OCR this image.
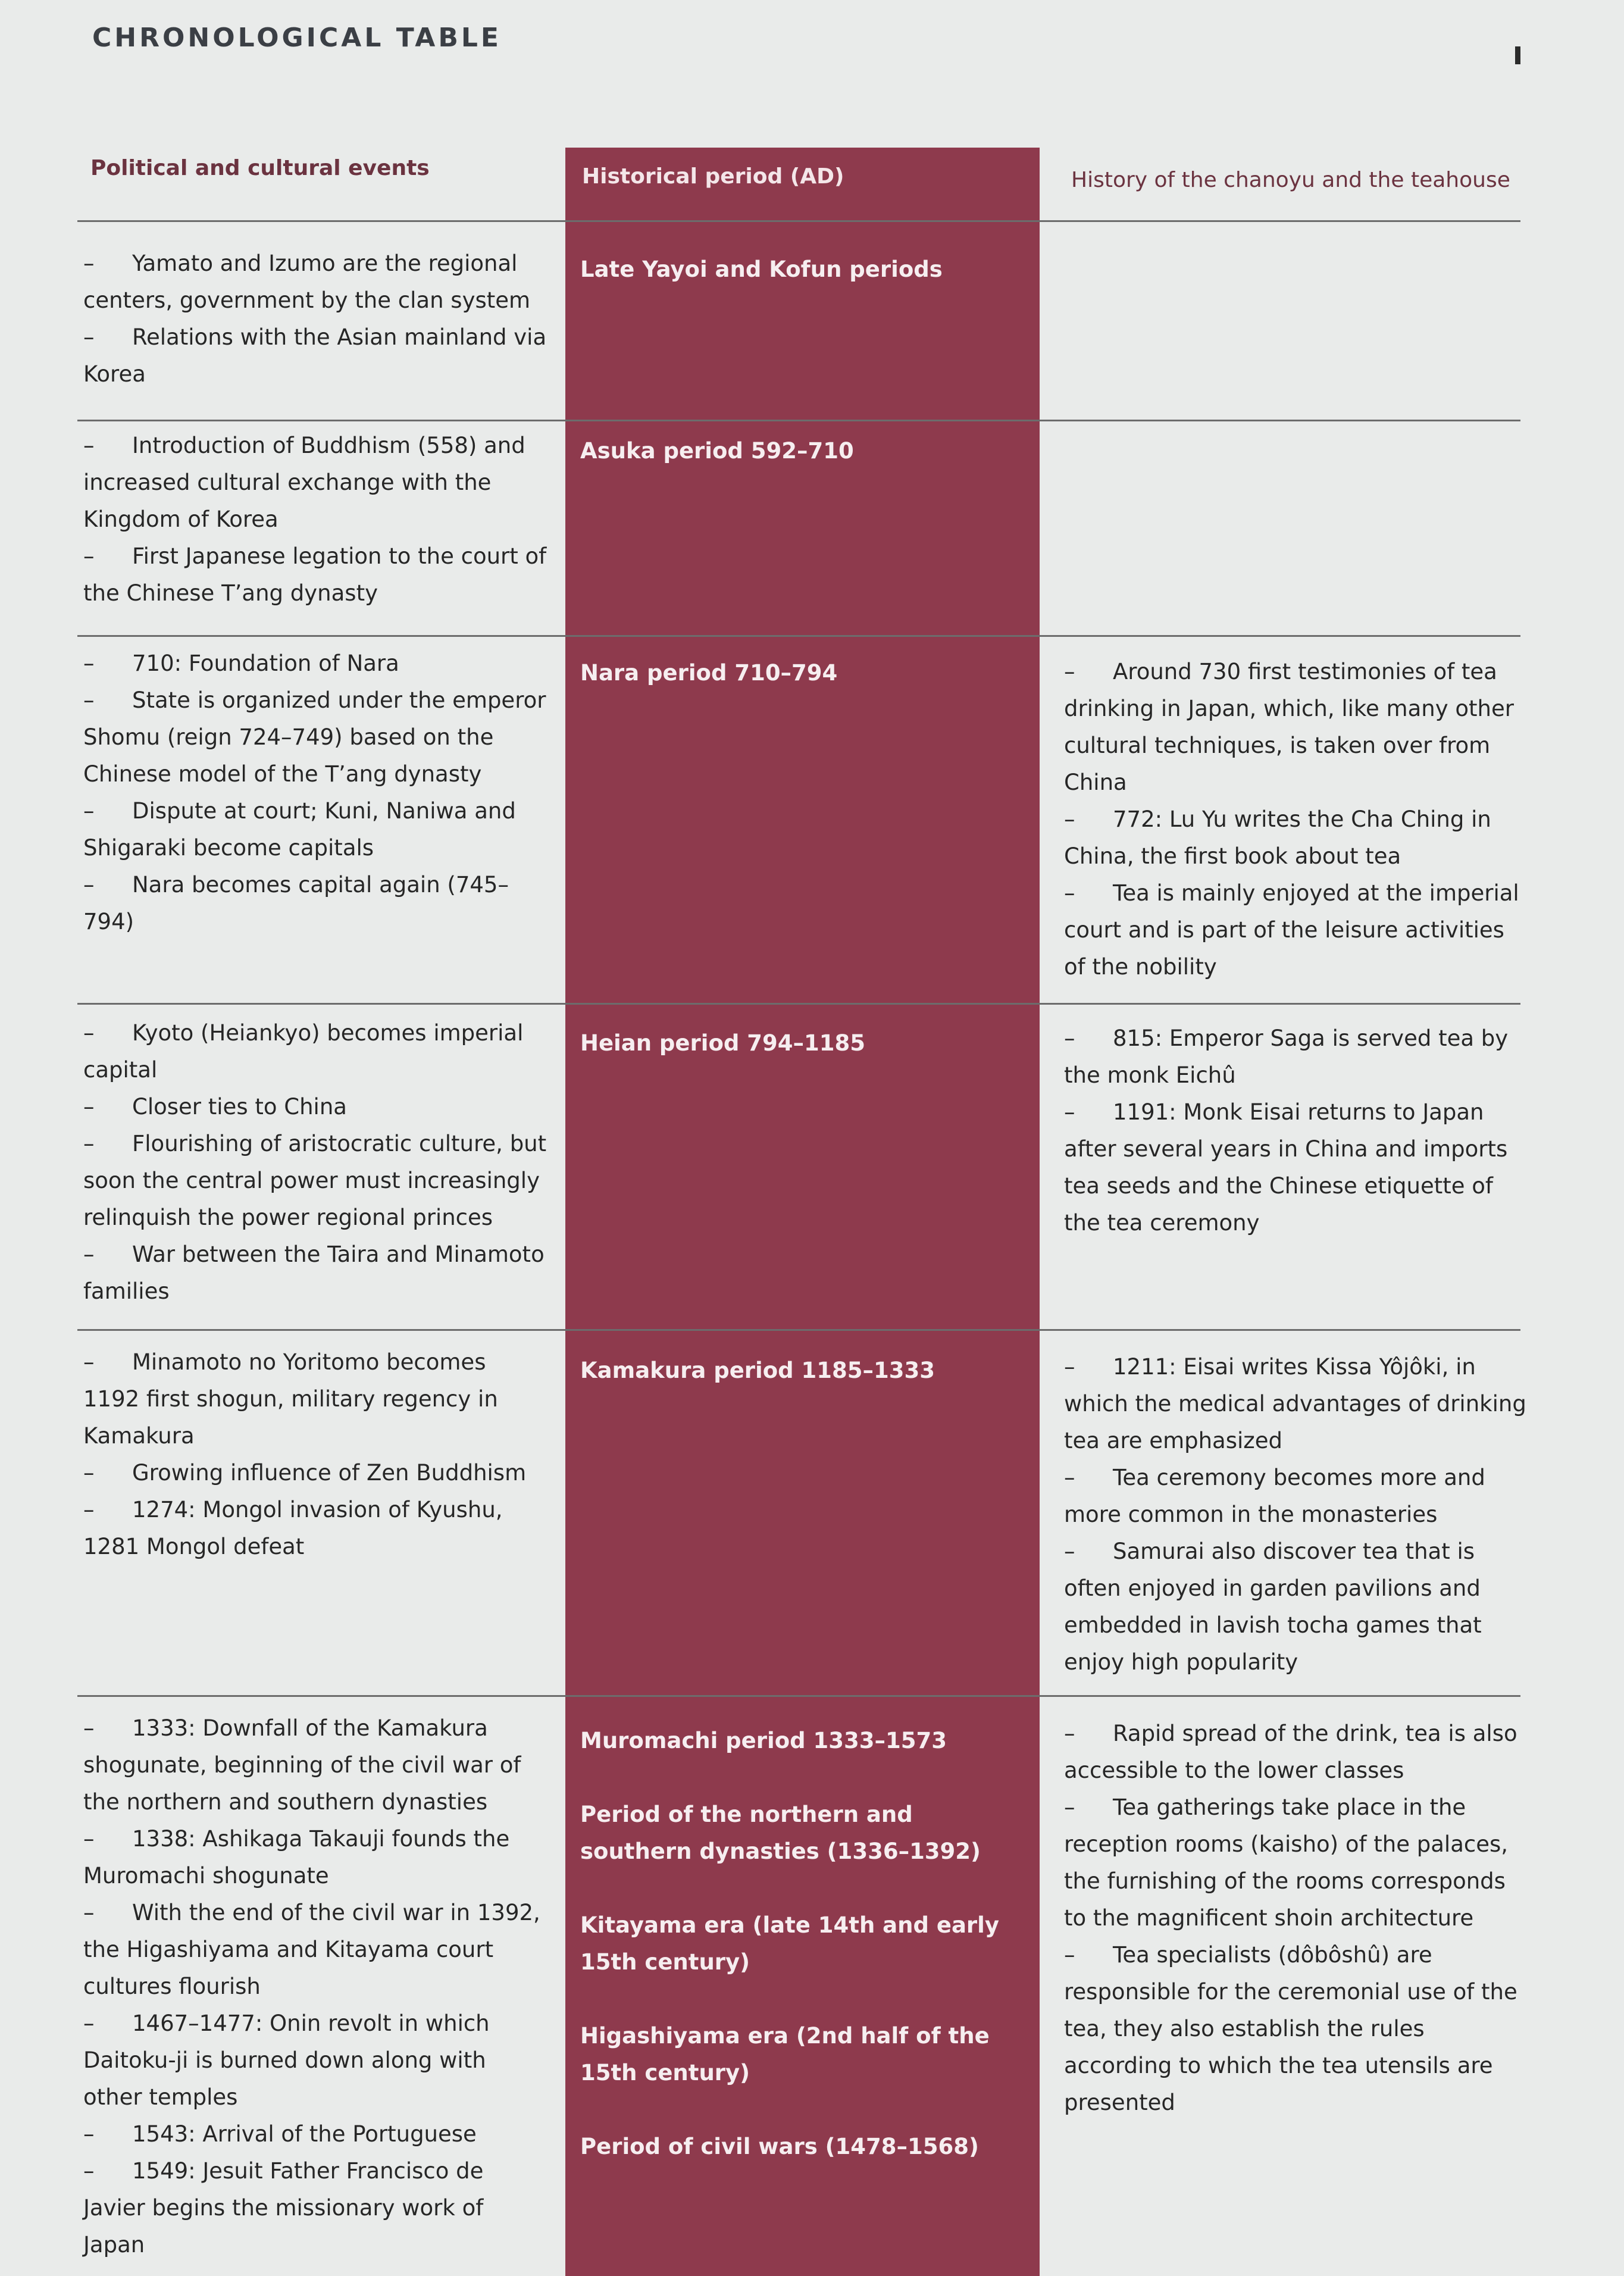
CHRONOLOGICAL TABLE
Political and cultural events	Historical period (AD)	History of the chanoyu and the teahouse
Late Yayoi and Kofun periods
– Yamato and Izumo are the regional centers, government by the clan system
– Relations with the Asian mainland via Korea
Asuka period 592–710
– Introduction of Buddhism (558) and increased cultural exchange with the Kingdom of Korea
– First Japanese legation to the court of the Chinese T’ang dynasty
Nara period 710–794
– 710: Foundation of Nara
– State is organized under the emperor Shomu (reign 724–749) based on the Chinese model of the T’ang dynasty
– Dispute at court; Kuni, Naniwa and Shigaraki become capitals
– Nara becomes capital again (745–794)
– Around 730 first testimonies of tea drinking in Japan, which, like many other cultural techniques, is taken over from China
– 772: Lu Yu writes the Cha Ching in China, the first book about tea
– Tea is mainly enjoyed at the imperial court and is part of the leisure activities of the nobility
Heian period 794–1185
– Kyoto (Heiankyo) becomes imperial capital
– Closer ties to China
– Flourishing of aristocratic culture, but soon the central power must increasingly relinquish the power regional princes
– War between the Taira and Minamoto families
– 815: Emperor Saga is served tea by the monk Eichû
– 1191: Monk Eisai returns to Japan after several years in China and imports tea seeds and the Chinese etiquette of the tea ceremony
Kamakura period 1185–1333
– Minamoto no Yoritomo becomes 1192 first shogun, military regency in Kamakura
– Growing influence of Zen Buddhism
– 1274: Mongol invasion of Kyushu, 1281 Mongol defeat
– 1211: Eisai writes Kissa Yôjôki, in which the medical advantages of drinking tea are emphasized
– Tea ceremony becomes more and more common in the monasteries
– Samurai also discover tea that is often enjoyed in garden pavilions and embedded in lavish tocha games that enjoy high popularity
Muromachi period 1333–1573
Period of the northern and southern dynasties (1336–1392)
Kitayama era (late 14th and early 15th century)
Higashiyama era (2nd half of the 15th century)
Period of civil wars (1478–1568)
– 1333: Downfall of the Kamakura shogunate, beginning of the civil war of the northern and southern dynasties
– 1338: Ashikaga Takauji founds the Muromachi shogunate
– With the end of the civil war in 1392, the Higashiyama and Kitayama court cultures flourish
– 1467–1477: Onin revolt in which Daitoku-ji is burned down along with other temples
– 1543: Arrival of the Portuguese
– 1549: Jesuit Father Francisco de Javier begins the missionary work of Japan
– Rapid spread of the drink, tea is also accessible to the lower classes
– Tea gatherings take place in the reception rooms (kaisho) of the palaces, the furnishing of the rooms corresponds to the magnificent shoin architecture
– Tea specialists (dôbôshû) are responsible for the ceremonial use of the tea, they also establish the rules according to which the tea utensils are presented
